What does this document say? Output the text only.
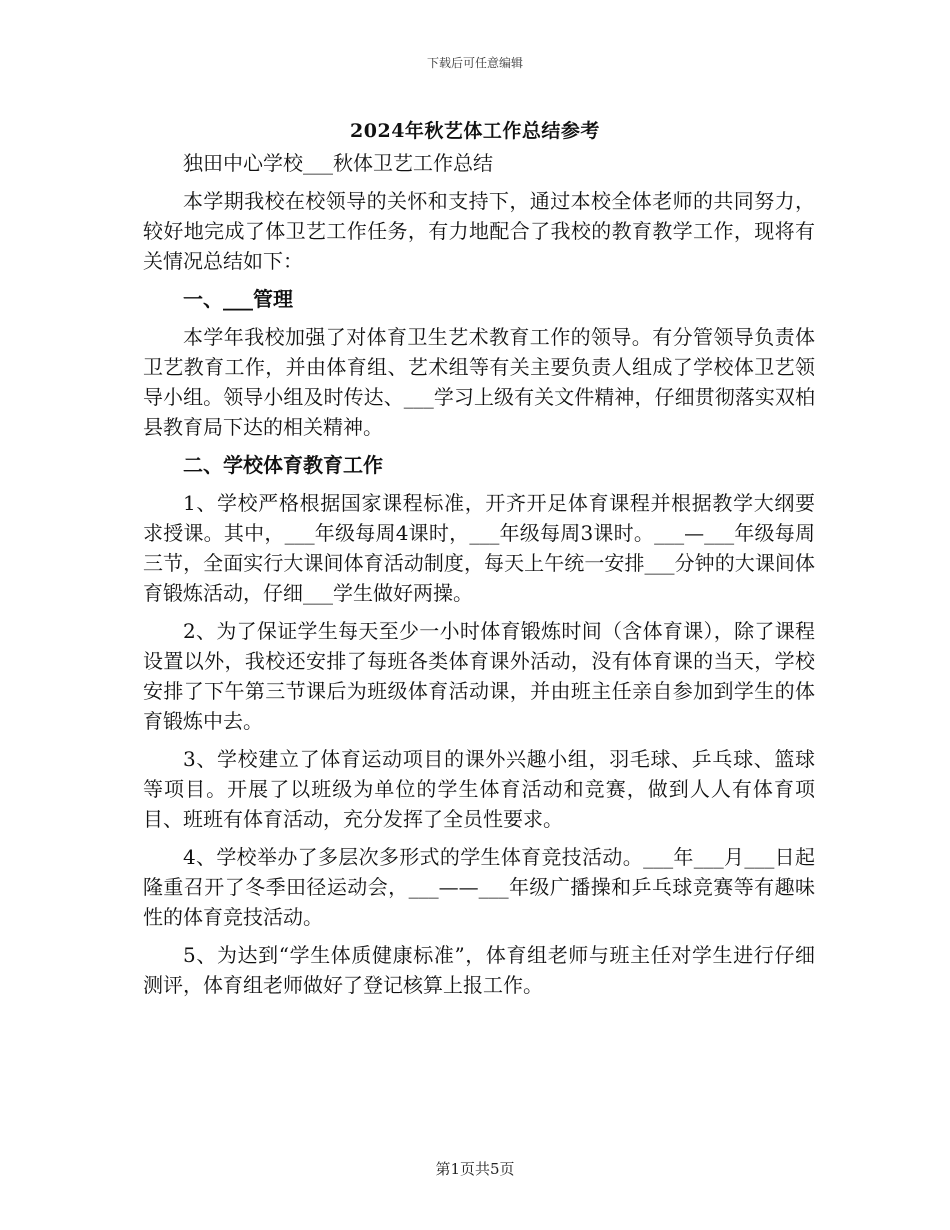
下载后可任意编辑
2024年秋艺体工作总结参考

独田中心学校___秋体卫艺工作总结

本学期我校在校领导的关怀和支持下，通过本校全体老师的共同努力，较好地完成了体卫艺工作任务，有力地配合了我校的教育教学工作，现将有关情况总结如下：

一、___管理

本学年我校加强了对体育卫生艺术教育工作的领导。有分管领导负责体卫艺教育工作，并由体育组、艺术组等有关主要负责人组成了学校体卫艺领导小组。领导小组及时传达、___学习上级有关文件精神，仔细贯彻落实双柏县教育局下达的相关精神。

二、学校体育教育工作

1、学校严格根据国家课程标准，开齐开足体育课程并根据教学大纲要求授课。其中，___年级每周4课时，___年级每周3课时。___—___年级每周三节，全面实行大课间体育活动制度，每天上午统一安排___分钟的大课间体育锻炼活动，仔细___学生做好两操。

2、为了保证学生每天至少一小时体育锻炼时间（含体育课），除了课程设置以外，我校还安排了每班各类体育课外活动，没有体育课的当天，学校安排了下午第三节课后为班级体育活动课，并由班主任亲自参加到学生的体育锻炼中去。

3、学校建立了体育运动项目的课外兴趣小组，羽毛球、乒乓球、篮球等项目。开展了以班级为单位的学生体育活动和竞赛，做到人人有体育项目、班班有体育活动，充分发挥了全员性要求。

4、学校举办了多层次多形式的学生体育竞技活动。___年___月___日起隆重召开了冬季田径运动会，___——___年级广播操和乒乓球竞赛等有趣味性的体育竞技活动。

5、为达到“学生体质健康标准”，体育组老师与班主任对学生进行仔细测评，体育组老师做好了登记核算上报工作。

第1页共5页
